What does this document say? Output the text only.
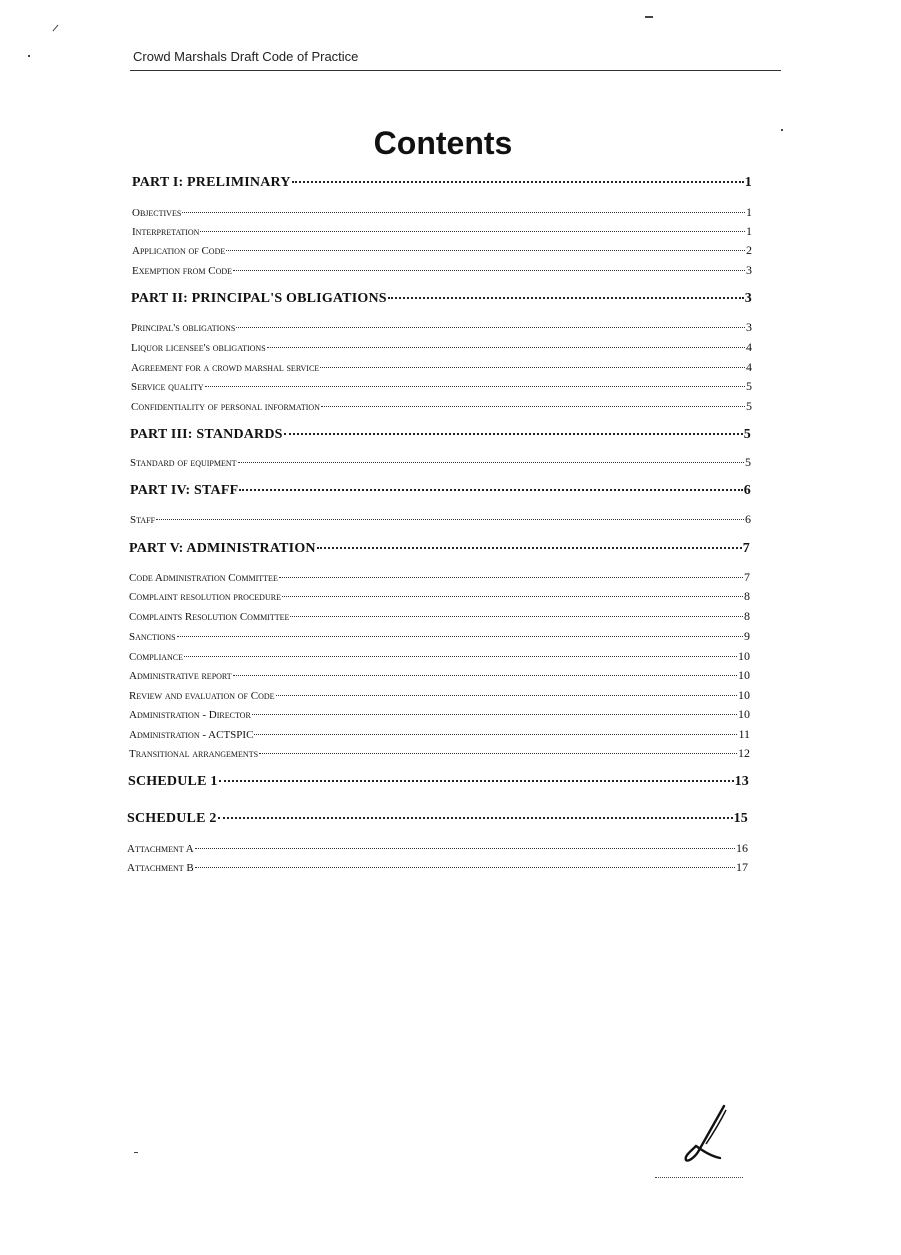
Crowd Marshals Draft Code of Practice
Contents
PART I: PRELIMINARY	1
Objectives	1
Interpretation	1
Application of Code	2
Exemption from Code	3
PART II: PRINCIPAL'S OBLIGATIONS	3
Principal's obligations	3
Liquor licensee's obligations	4
Agreement for a crowd marshal service	4
Service quality	5
Confidentiality of personal information	5
PART III: STANDARDS	5
Standard of equipment	5
PART IV: STAFF	6
Staff	6
PART V: ADMINISTRATION	7
Code Administration Committee	7
Complaint resolution procedure	8
Complaints Resolution Committee	8
Sanctions	9
Compliance	10
Administrative report	10
Review and evaluation of Code	10
Administration - Director	10
Administration - ACTSPIC	11
Transitional arrangements	12
SCHEDULE 1	13
SCHEDULE 2	15
Attachment A	16
Attachment B	17
